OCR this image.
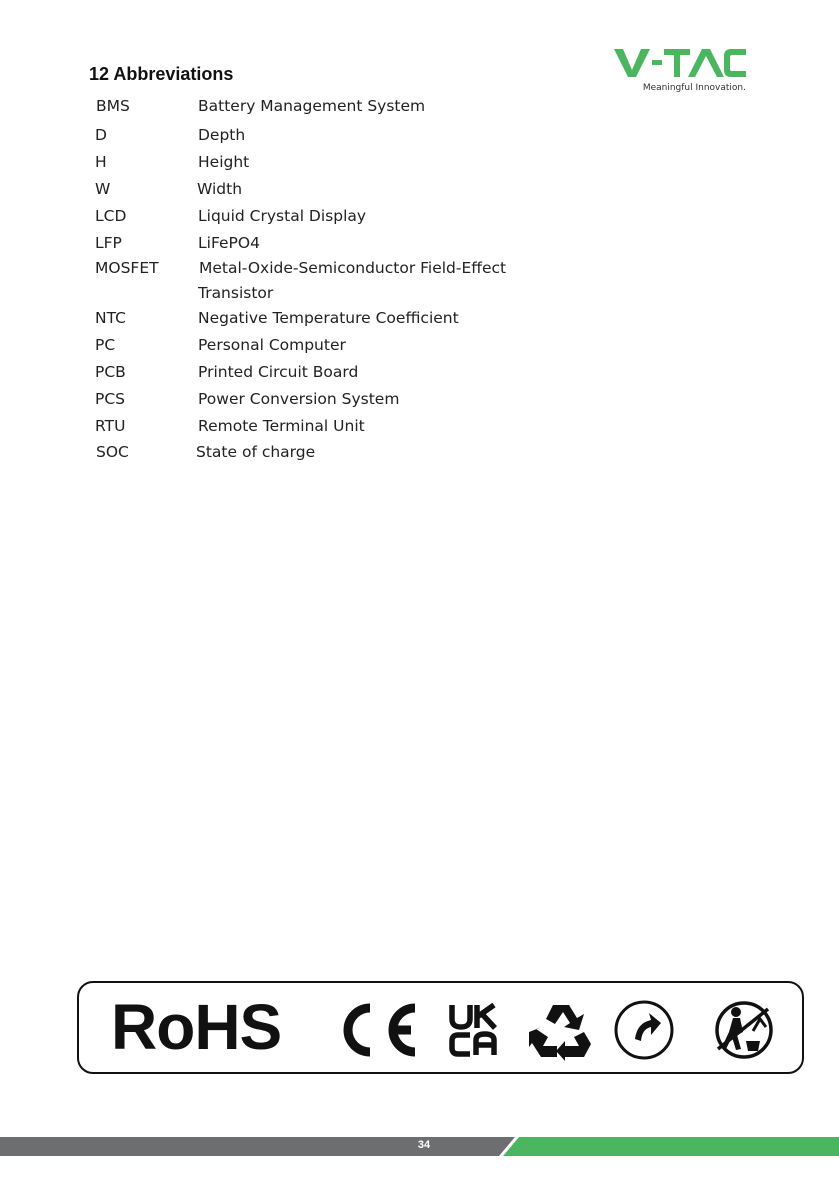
12 Abbreviations
Meaningful Innovation.
BMS	Battery Management System
D	Depth
H	Height
W	Width
LCD	Liquid Crystal Display
LFP	LiFePO4
MOSFET	Metal-Oxide-Semiconductor Field-Effect
Transistor
NTC	Negative Temperature Coefficient
PC	Personal Computer
PCB	Printed Circuit Board
PCS	Power Conversion System
RTU	Remote Terminal Unit
SOC	State of charge
RoHS
34
